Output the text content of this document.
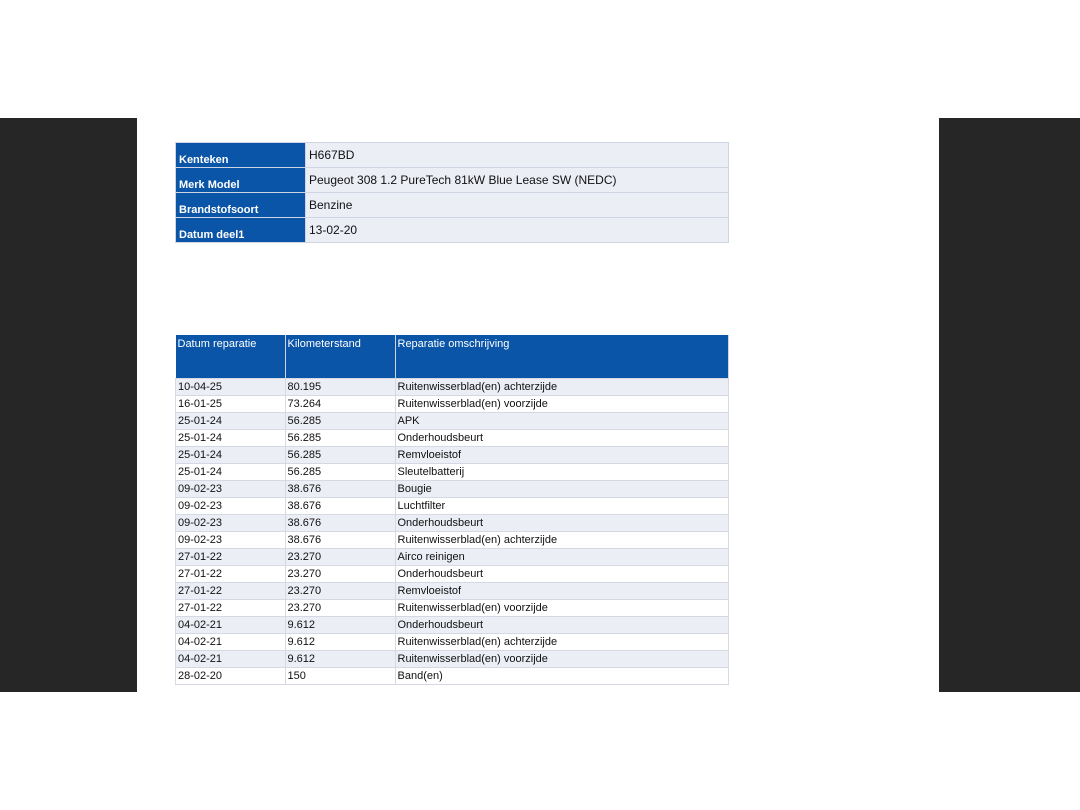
Kenteken	H667BD
Merk Model	Peugeot 308 1.2 PureTech 81kW Blue Lease SW (NEDC)
Brandstofsoort	Benzine
Datum deel1	13-02-20
Datum reparatie	Kilometerstand	Reparatie omschrijving
10-04-25	80.195	Ruitenwisserblad(en) achterzijde
16-01-25	73.264	Ruitenwisserblad(en) voorzijde
25-01-24	56.285	APK
25-01-24	56.285	Onderhoudsbeurt
25-01-24	56.285	Remvloeistof
25-01-24	56.285	Sleutelbatterij
09-02-23	38.676	Bougie
09-02-23	38.676	Luchtfilter
09-02-23	38.676	Onderhoudsbeurt
09-02-23	38.676	Ruitenwisserblad(en) achterzijde
27-01-22	23.270	Airco reinigen
27-01-22	23.270	Onderhoudsbeurt
27-01-22	23.270	Remvloeistof
27-01-22	23.270	Ruitenwisserblad(en) voorzijde
04-02-21	9.612	Onderhoudsbeurt
04-02-21	9.612	Ruitenwisserblad(en) achterzijde
04-02-21	9.612	Ruitenwisserblad(en) voorzijde
28-02-20	150	Band(en)
